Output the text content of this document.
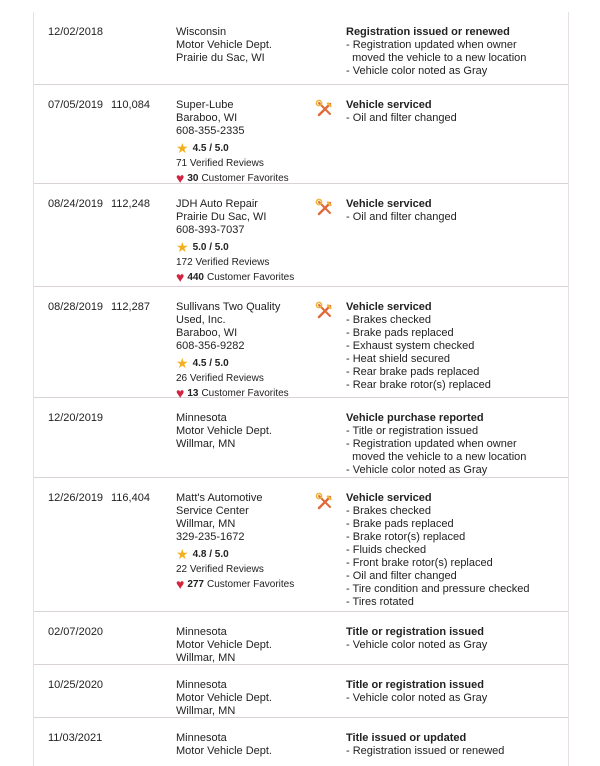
12/02/2018	Wisconsin
Motor Vehicle Dept.
Prairie du Sac, WI
Registration issued or renewed
- Registration updated when owner
moved the vehicle to a new location
- Vehicle color noted as Gray
07/05/2019 110,084 Super-Lube
Baraboo, WI
608-355-2335
★ 4.5 / 5.0
71 Verified Reviews
♥ 30 Customer Favorites
Vehicle serviced
- Oil and filter changed
08/24/2019 112,248 JDH Auto Repair
Prairie Du Sac, WI
608-393-7037
★ 5.0 / 5.0
172 Verified Reviews
♥ 440 Customer Favorites
Vehicle serviced
- Oil and filter changed
08/28/2019 112,287 Sullivans Two Quality
Used, Inc.
Baraboo, WI
608-356-9282
★ 4.5 / 5.0
26 Verified Reviews
♥ 13 Customer Favorites
Vehicle serviced
- Brakes checked
- Brake pads replaced
- Exhaust system checked
- Heat shield secured
- Rear brake pads replaced
- Rear brake rotor(s) replaced
12/20/2019	Minnesota
Motor Vehicle Dept.
Willmar, MN
Vehicle purchase reported
- Title or registration issued
- Registration updated when owner
moved the vehicle to a new location
- Vehicle color noted as Gray
12/26/2019 116,404 Matt's Automotive
Service Center
Willmar, MN
329-235-1672
★ 4.8 / 5.0
22 Verified Reviews
♥ 277 Customer Favorites
Vehicle serviced
- Brakes checked
- Brake pads replaced
- Brake rotor(s) replaced
- Fluids checked
- Front brake rotor(s) replaced
- Oil and filter changed
- Tire condition and pressure checked
- Tires rotated
02/07/2020	Minnesota
Motor Vehicle Dept.
Willmar, MN
Title or registration issued
- Vehicle color noted as Gray
10/25/2020	Minnesota
Motor Vehicle Dept.
Willmar, MN
Title or registration issued
- Vehicle color noted as Gray
11/03/2021	Minnesota
Motor Vehicle Dept.
Title issued or updated
- Registration issued or renewed
